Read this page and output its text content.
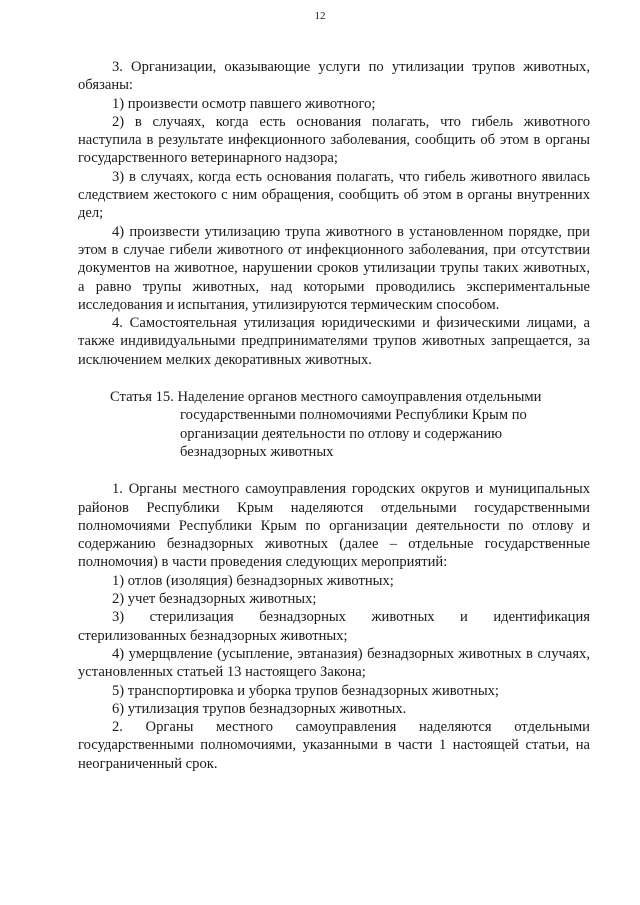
12

3. Организации, оказывающие услуги по утилизации трупов животных, обязаны:

1) произвести осмотр павшего животного;

2) в случаях, когда есть основания полагать, что гибель животного наступила в результате инфекционного заболевания, сообщить об этом в органы государственного ветеринарного надзора;

3) в случаях, когда есть основания полагать, что гибель животного явилась следствием жестокого с ним обращения, сообщить об этом в органы внутренних дел;

4) произвести утилизацию трупа животного в установленном порядке, при этом в случае гибели животного от инфекционного заболевания, при отсутствии документов на животное, нарушении сроков утилизации трупы таких животных, а равно трупы животных, над которыми проводились экспериментальные исследования и испытания, утилизируются термическим способом.

4. Самостоятельная утилизация юридическими и физическими лицами, а также индивидуальными предпринимателями трупов животных запрещается, за исключением мелких декоративных животных.

Статья 15. Наделение органов местного самоуправления отдельными государственными полномочиями Республики Крым по организации деятельности по отлову и содержанию безнадзорных животных

1. Органы местного самоуправления городских округов и муниципальных районов Республики Крым наделяются отдельными государственными полномочиями Республики Крым по организации деятельности по отлову и содержанию безнадзорных животных (далее – отдельные государственные полномочия) в части проведения следующих мероприятий:

1) отлов (изоляция) безнадзорных животных;

2) учет безнадзорных животных;

3) стерилизация безнадзорных животных и идентификация стерилизованных безнадзорных животных;

4) умерщвление (усыпление, эвтаназия) безнадзорных животных в случаях, установленных статьей 13 настоящего Закона;

5) транспортировка и уборка трупов безнадзорных животных;

6) утилизация трупов безнадзорных животных.

2. Органы местного самоуправления наделяются отдельными государственными полномочиями, указанными в части 1 настоящей статьи, на неограниченный срок.
